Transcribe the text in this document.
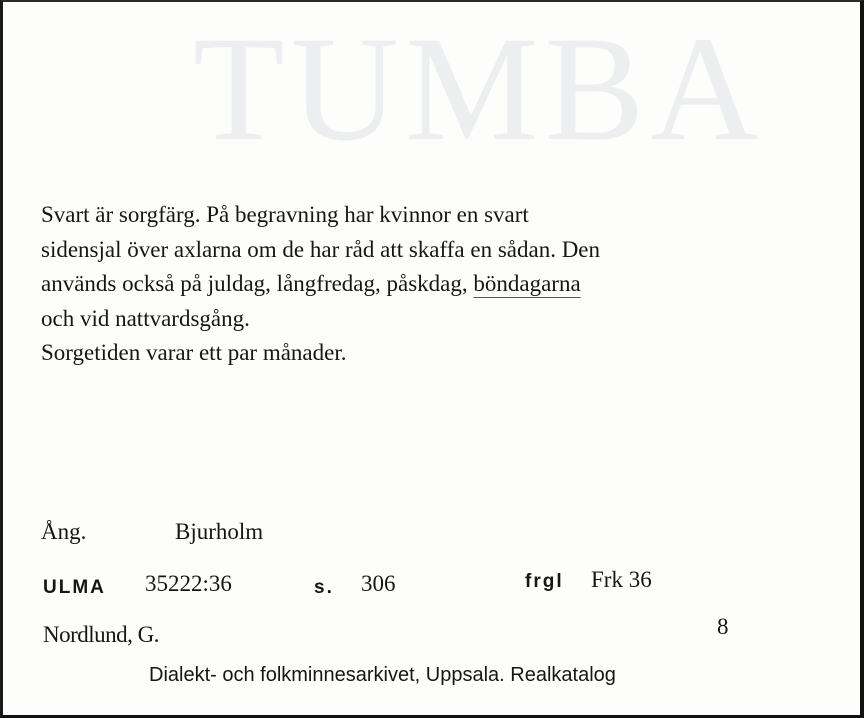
TUMBA
Svart är sorgfärg. På begravning har kvinnor en svart
sidensjal över axlarna om de har råd att skaffa en sådan. Den
används också på juldag, långfredag, påskdag, böndagarna
och vid nattvardsgång.
Sorgetiden varar ett par månader.
Ång.	Bjurholm
ULMA 35222:36	s. 306	frgl Frk 36
Nordlund, G.	8
Dialekt- och folkminnesarkivet, Uppsala. Realkatalog
